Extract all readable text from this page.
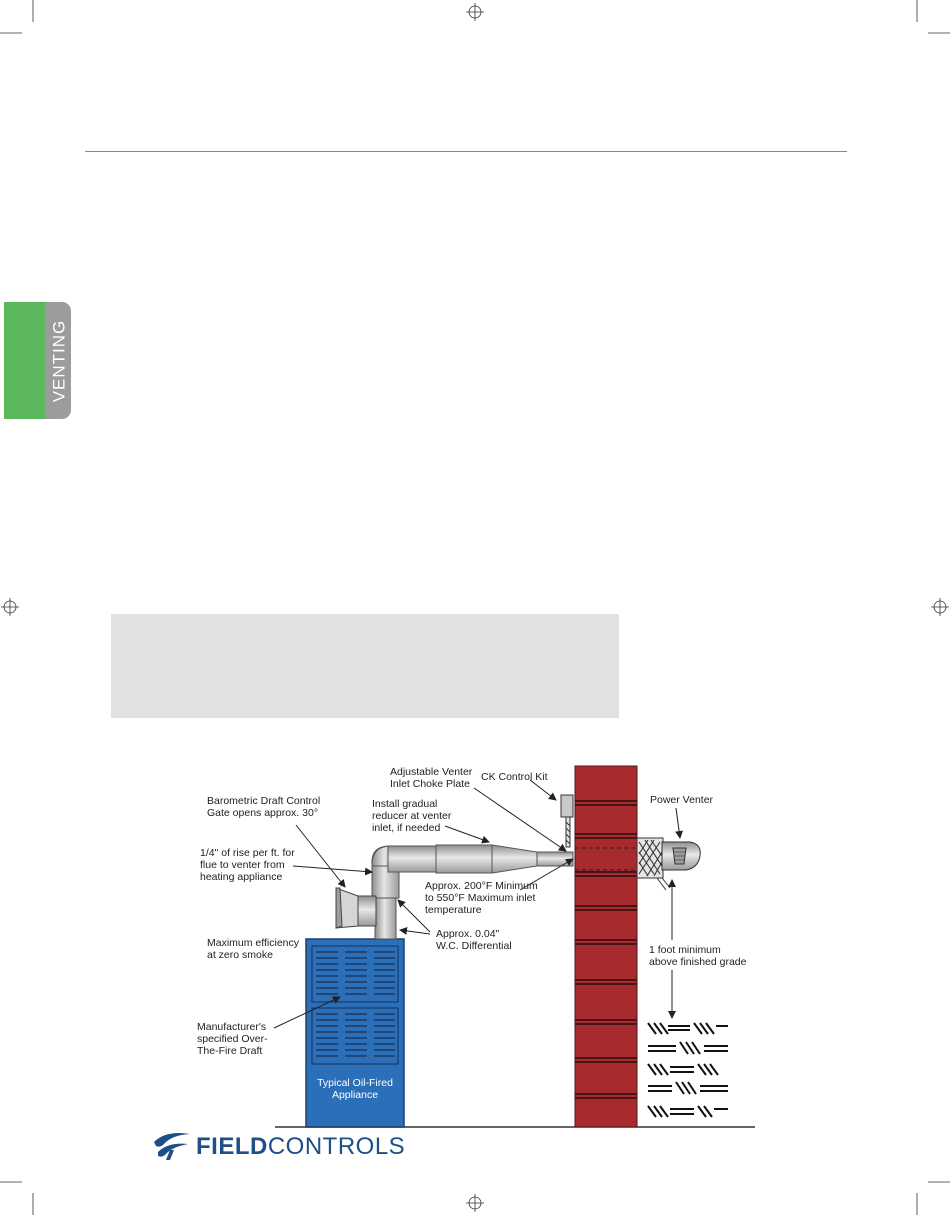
VENTING
CK Control Kit
Adjustable Venter Inlet Choke Plate
Barometric Draft Control Gate opens approx. 30°
Install gradual reducer at venter inlet, if needed
Power Venter
1/4" of rise per ft. for flue to venter from heating appliance
Approx. 200°F Minimum to 550°F Maximum inlet temperature
Approx. 0.04" W.C. Differential
Maximum efficiency at zero smoke	1 foot minimum above finished grade
Manufacturer's specified Over-The-Fire Draft
Typical Oil-Fired Appliance
FIELDCONTROLS
